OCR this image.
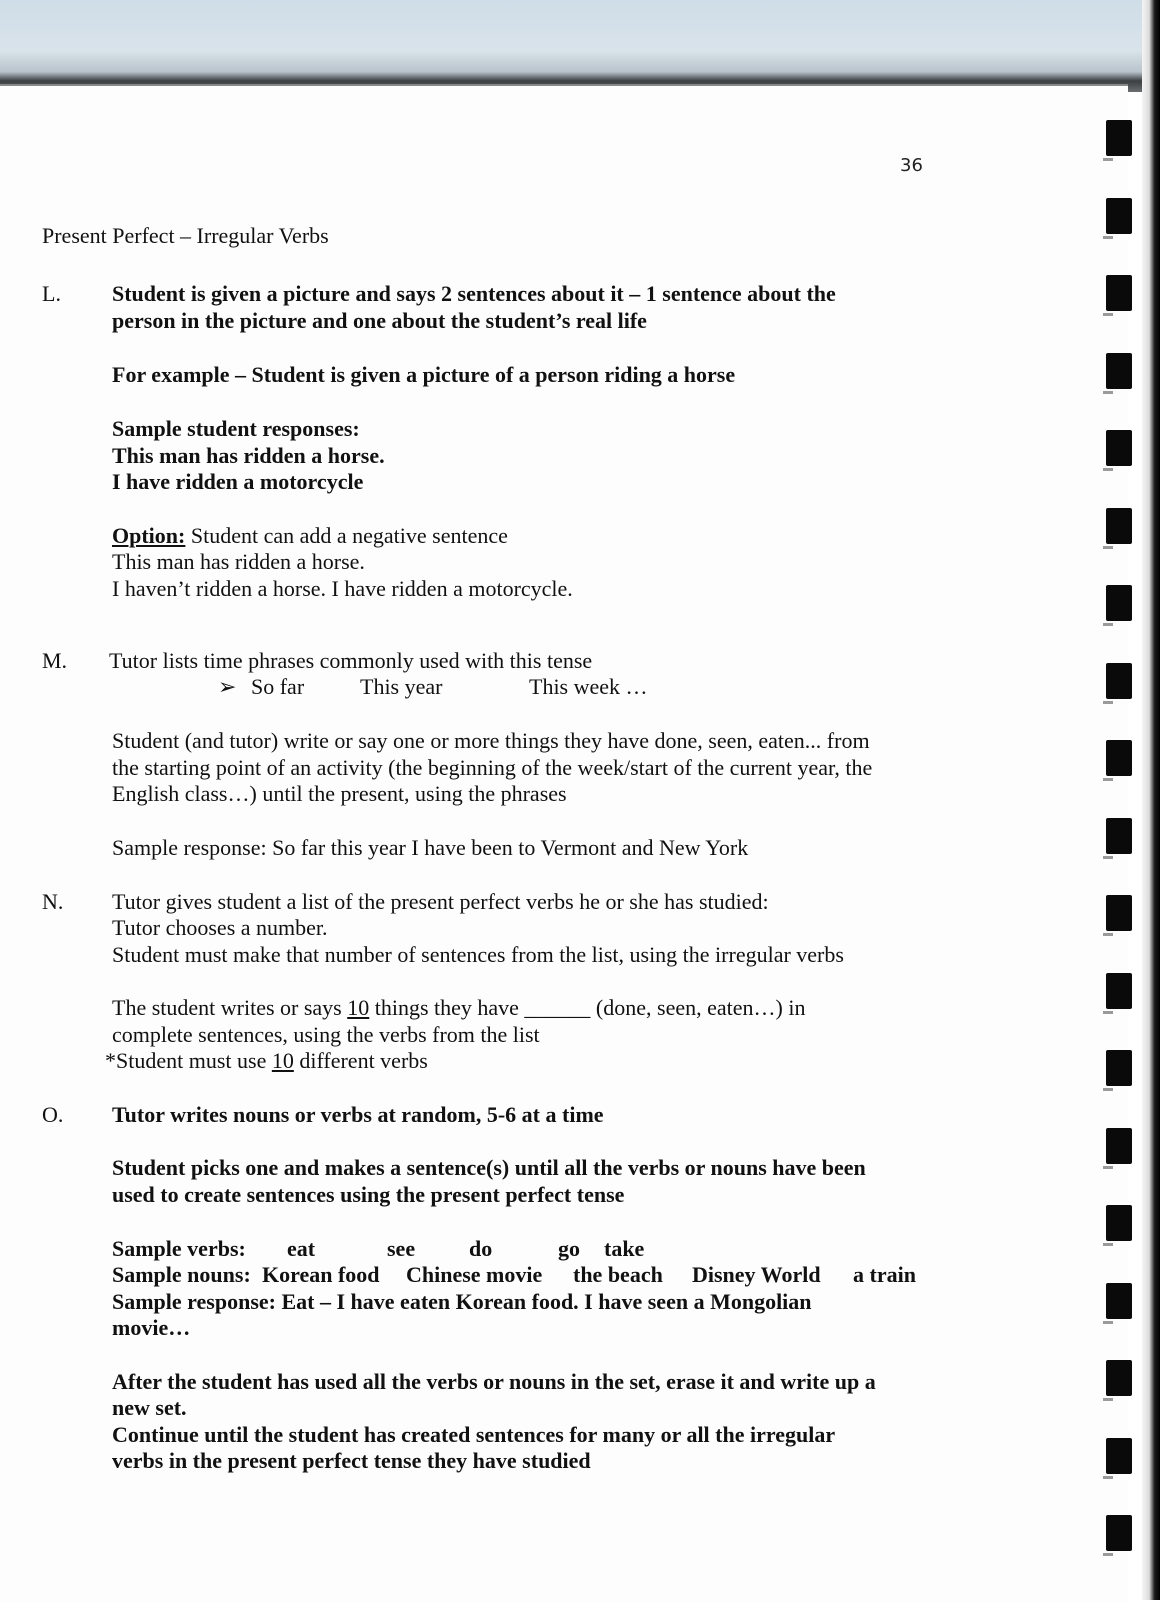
36
Present Perfect – Irregular Verbs
L. Student is given a picture and says 2 sentences about it – 1 sentence about the
person in the picture and one about the student’s real life
For example – Student is given a picture of a person riding a horse
Sample student responses:
This man has ridden a horse.
I have ridden a motorcycle
Option: Student can add a negative sentence
This man has ridden a horse.
I haven’t ridden a horse. I have ridden a motorcycle.
M. Tutor lists time phrases commonly used with this tense
➢ So far	This year	This week …
Student (and tutor) write or say one or more things they have done, seen, eaten... from
the starting point of an activity (the beginning of the week/start of the current year, the
English class…) until the present, using the phrases
Sample response: So far this year I have been to Vermont and New York
N. Tutor gives student a list of the present perfect verbs he or she has studied:
Tutor chooses a number.
Student must make that number of sentences from the list, using the irregular verbs
The student writes or says 10 things they have ______ (done, seen, eaten…) in
complete sentences, using the verbs from the list
*Student must use 10 different verbs
O. Tutor writes nouns or verbs at random, 5-6 at a time
Student picks one and makes a sentence(s) until all the verbs or nouns have been
used to create sentences using the present perfect tense
Sample verbs: eat	see do	go take
Sample nouns: Korean food Chinese movie the beach Disney World a train
Sample response: Eat – I have eaten Korean food. I have seen a Mongolian
movie…
After the student has used all the verbs or nouns in the set, erase it and write up a
new set.
Continue until the student has created sentences for many or all the irregular
verbs in the present perfect tense they have studied
